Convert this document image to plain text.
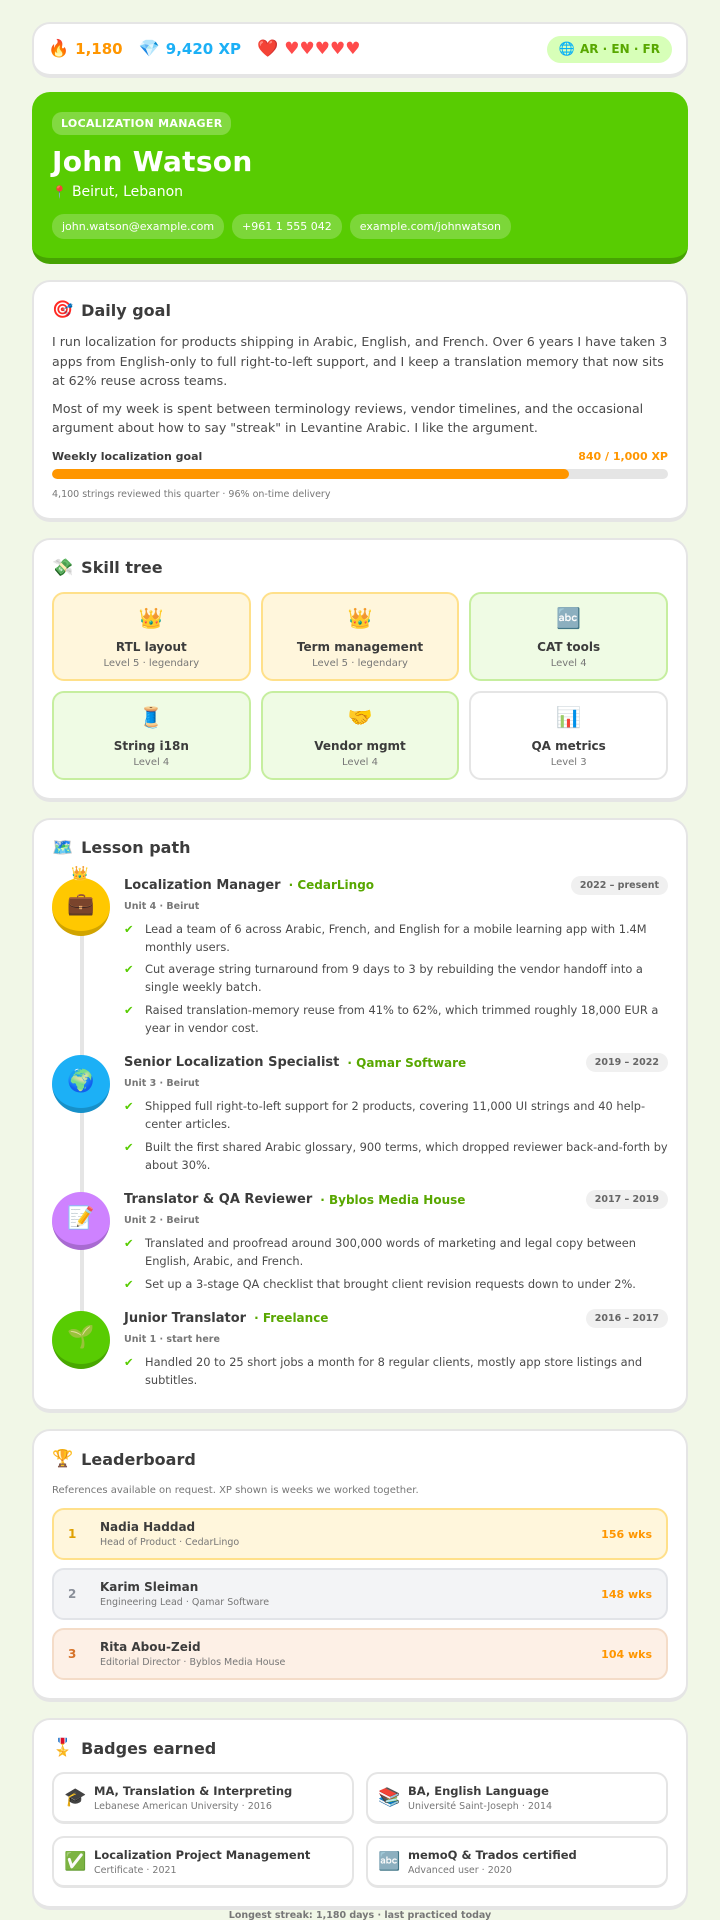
🔥 1,180 💎 9,420 XP ❤️ ♥ ♥ ♥ ♥ ♥	🌐 AR · EN · FR
LOCALIZATION MANAGER
John Watson
📍 Beirut, Lebanon
john.watson@example.com	+961 1 555 042	example.com/johnwatson
🎯 Daily goal

I run localization for products shipping in Arabic, English, and French. Over 6 years I have taken 3 apps from English-only to full right-to-left support, and I keep a translation memory that now sits at 62% reuse across teams.

Most of my week is spent between terminology reviews, vendor timelines, and the occasional argument about how to say "streak" in Levantine Arabic. I like the argument.

Weekly localization goal	840 / 1,000 XP
4,100 strings reviewed this quarter · 96% on-time delivery
💸 Skill tree
👑
RTL layout
Level 5 · legendary
👑
Term management
Level 5 · legendary
🔤
CAT tools
Level 4
🧵
String i18n
Level 4
🤝
Vendor mgmt
Level 4
📊
QA metrics
Level 3
🗺️ Lesson path
👑
💼
Localization Manager · CedarLingo	2022 – present
Unit 4 · Beirut
✔ Lead a team of 6 across Arabic, French, and English for a mobile learning app with 1.4M monthly users.
✔ Cut average string turnaround from 9 days to 3 by rebuilding the vendor handoff into a single weekly batch.
✔ Raised translation-memory reuse from 41% to 62%, which trimmed roughly 18,000 EUR a year in vendor cost.
🌍
Senior Localization Specialist · Qamar Software	2019 – 2022
Unit 3 · Beirut
✔ Shipped full right-to-left support for 2 products, covering 11,000 UI strings and 40 help-center articles.
✔ Built the first shared Arabic glossary, 900 terms, which dropped reviewer back-and-forth by about 30%.
📝
Translator & QA Reviewer · Byblos Media House	2017 – 2019
Unit 2 · Beirut
✔ Translated and proofread around 300,000 words of marketing and legal copy between English, Arabic, and French.
✔ Set up a 3-stage QA checklist that brought client revision requests down to under 2%.
🌱
Junior Translator · Freelance	2016 – 2017
Unit 1 · start here
✔ Handled 20 to 25 short jobs a month for 8 regular clients, mostly app store listings and subtitles.
🏆 Leaderboard
References available on request. XP shown is weeks we worked together.
1	Nadia Haddad
Head of Product · CedarLingo
156 wks
2	Karim Sleiman
Engineering Lead · Qamar Software
148 wks
3	Rita Abou-Zeid
Editorial Director · Byblos Media House
104 wks
🎖️ Badges earned
🎓 MA, Translation & Interpreting
Lebanese American University · 2016	📚 BA, English Language
Université Saint-Joseph · 2014
✅ Localization Project Management
Certificate · 2021	🔤 memoQ & Trados certified
Advanced user · 2020
Longest streak: 1,180 days · last practiced today
